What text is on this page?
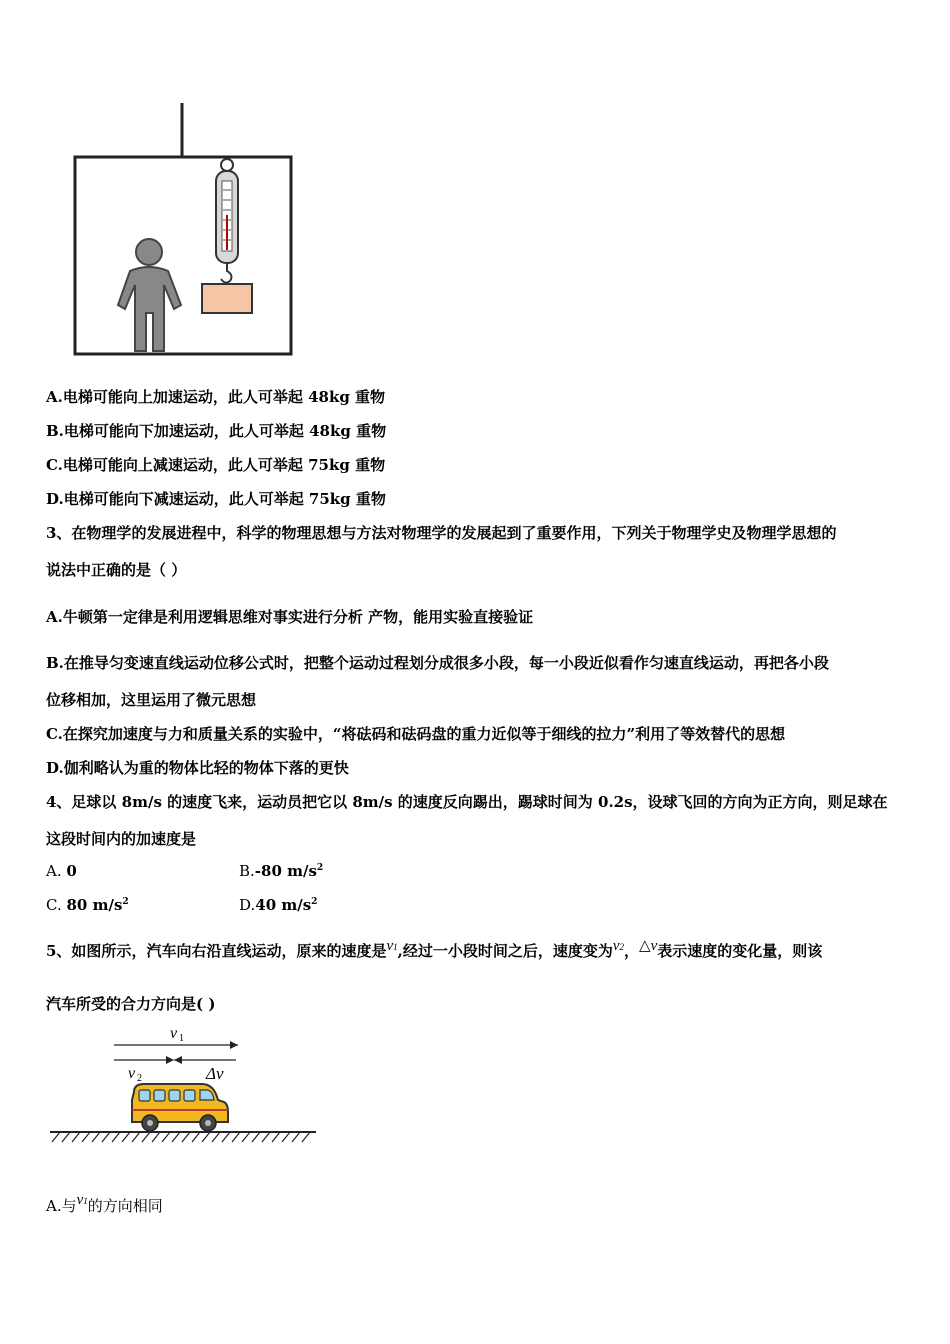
A.电梯可能向上加速运动，此人可举起 48kg 重物
B.电梯可能向下加速运动，此人可举起 48kg 重物
C.电梯可能向上减速运动，此人可举起 75kg 重物
D.电梯可能向下减速运动，此人可举起 75kg 重物
3、在物理学的发展进程中，科学的物理思想与方法对物理学的发展起到了重要作用，下列关于物理学史及物理学思想的
说法中正确的是（ ）
A.牛顿第一定律是利用逻辑思维对事实进行分析 产物，能用实验直接验证
B.在推导匀变速直线运动位移公式时，把整个运动过程划分成很多小段，每一小段近似看作匀速直线运动，再把各小段
位移相加，这里运用了微元思想
C.在探究加速度与力和质量关系的实验中，“将砝码和砝码盘的重力近似等于细线的拉力”利用了等效替代的思想
D.伽利略认为重的物体比轻的物体下落的更快
4、足球以 8m/s 的速度飞来，运动员把它以 8m/s 的速度反向踢出，踢球时间为 0.2s，设球飞回的方向为正方向，则足球在
这段时间内的加速度是
A. 0	B.-80 $m/s^2$
C. 80 $m/s^2$	D.40 $m/s^2$
5、如图所示，汽车向右沿直线运动，原来的速度是v1,经过一小段时间之后，速度变为v2，△v表示速度的变化量，则该
汽车所受的合力方向是( )
v 1
v 2	Δv
A.与v1的方向相同
